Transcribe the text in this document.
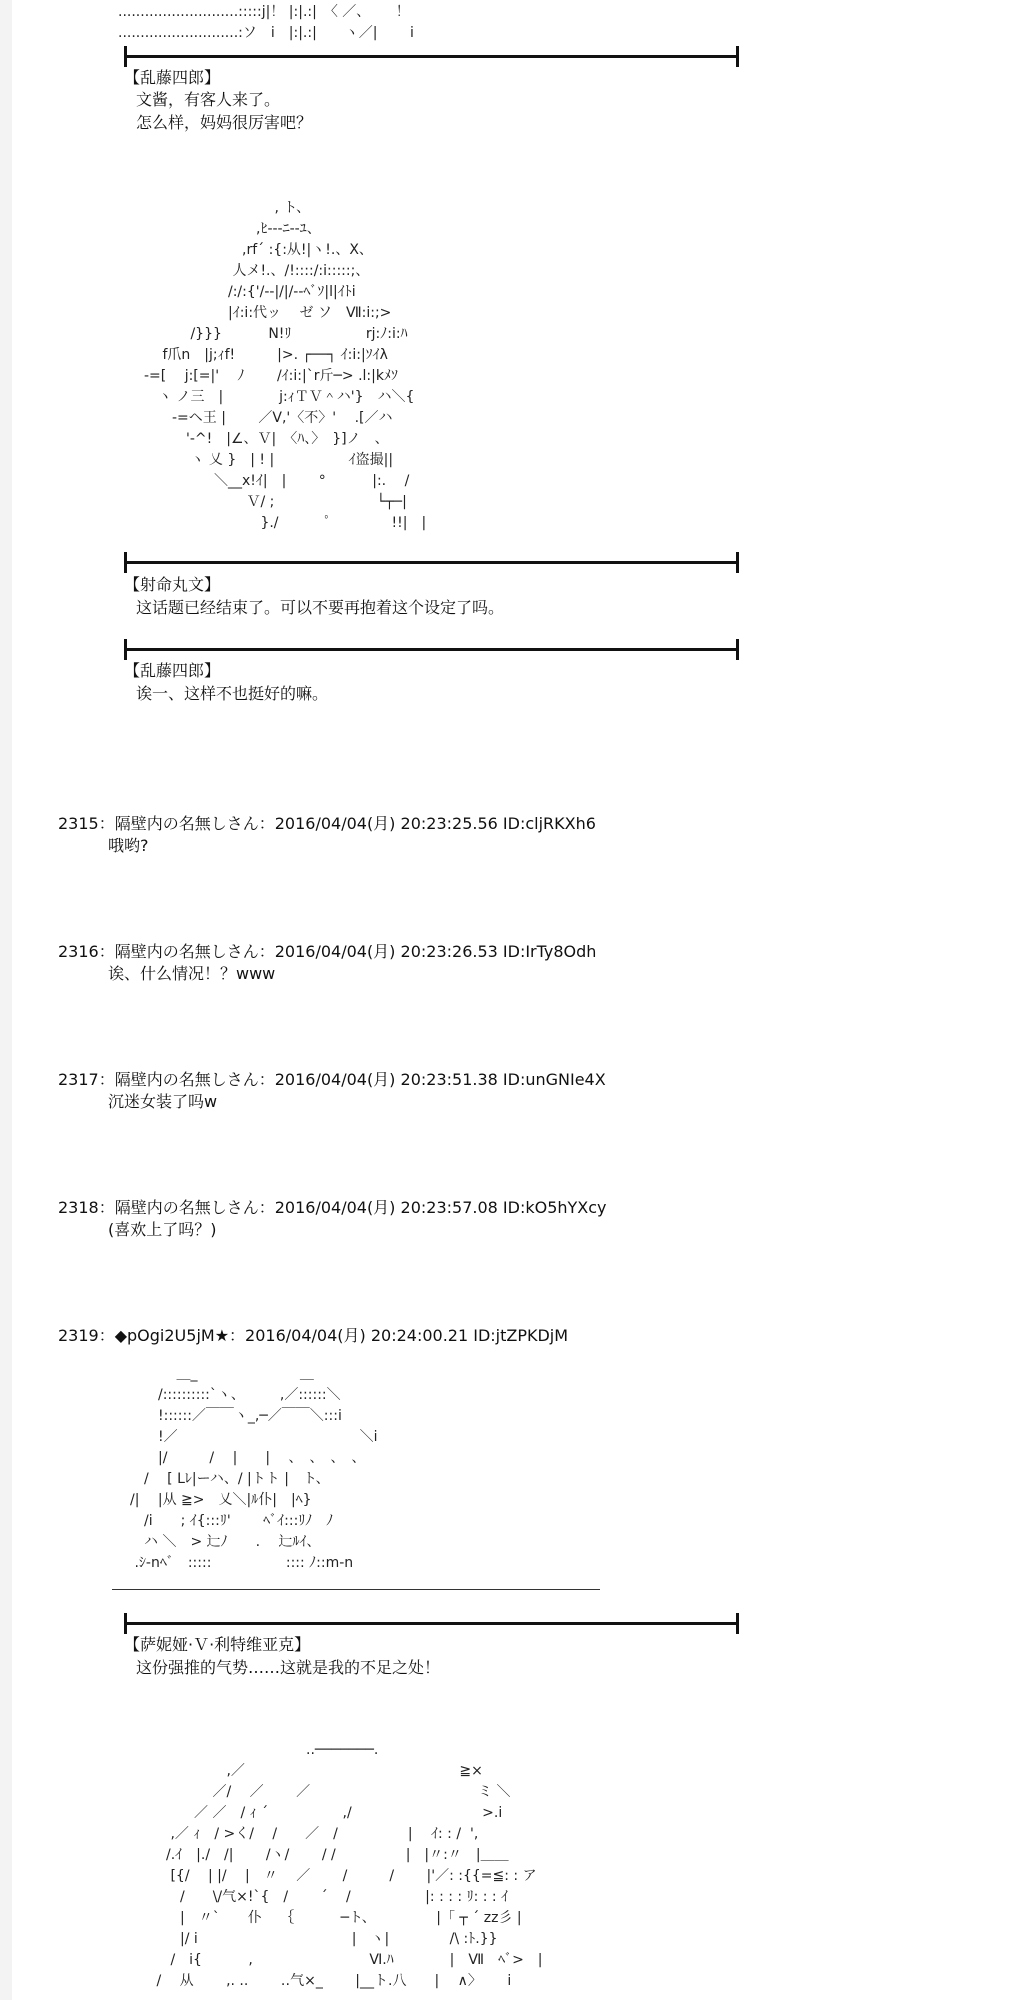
...........................:::::j|！ |:|.:|　〈 ／、　　 ！
...........................:ソ　i　|:|.:|　　ヽ／|　　 i
【乱藤四郎】
文酱，有客人来了。
怎么样，妈妈很厉害吧？
　　　　　　　　　　　 , ト、
　　　　　　　　　　,ﾋ--‐ﾆ--ﾕ、
　　　　　　　　　,rf´ :{:从!|ヽ!.、X、
　　　　　　　　 人メ!.、/!::::/:i:::::;、
　　　　　　　　/:/:{'/--|/|/--ﾍﾞｿ|l|ｲﾄi
　　　　　　　　|ｲ:i:代ッ　 ゼ ソ　Ⅶ:i:;>
　　　　　 /}}}　　 　N!ﾘ　　　　　 rj:ﾉ:i:ﾊ
　　　 f爪n　|j;ｨf!　　　|>. ┌──┐ ｲ:i:|ｿｲλ
　　-=[　 j:[=|'　 ﾉ　　 /ｲ:i:|`r斤─> .l:|kﾒｿ
　　　ヽ ノ三　|　　　　j:ｨＴＶ＾ハ'}　ハ＼{
　　　　-=ヘ王 |　　 ／V,'〈不〉' 　.[／ハ
　　　　　'-^!　|∠、Ｖ|　〈ﾊ、〉　}]ノ　、
　　　　　 ヽ 乂 }　| ! |　　　　　 ｲ盗撮||
　　　　　　　＼__x!ｲ|　|　　 °　　　 |:.　 /
　　　　　　　　　 Ｖ/ ;　　　　　　　 └┬─|
　　　　　　　　　　 }./　　　 ﾟ　　　　 !!|　|
【射命丸文】
这话题已经结束了。可以不要再抱着这个设定了吗。
【乱藤四郎】
诶一、这样不也挺好的嘛。
2315：隔壁内の名無しさん：2016/04/04(月) 20:23:25.56 ID:cljRKXh6
哦哟?
2316：隔壁内の名無しさん：2016/04/04(月) 20:23:26.53 ID:IrTy8Odh
诶、什么情况！？www
2317：隔壁内の名無しさん：2016/04/04(月) 20:23:51.38 ID:unGNIe4X
沉迷女装了吗w
2318：隔壁内の名無しさん：2016/04/04(月) 20:23:57.08 ID:kO5hYXcy
(喜欢上了吗？)
2319：◆pOgi2U5jM★：2016/04/04(月) 20:24:00.21 ID:jtZPKDjM
　　　　 ＿_　　　　　　　 ＿
　　　/::::::::::`ヽ、　　　,／::::::＼
　　　!::::::／￣￣ヽ_,─／￣￣＼:::i
　　　!／　　　　　　　　　　　　　＼i
　　　|/　　　/　 |　　|　 、　、　、　、
　　/　 [ Lﾚ|ーハ、/ |トト |　ト、
　/|　 |从 ≧>　乂＼|ﾙ仆|　|ﾍ}
　　/i　　; ｲ{:::ﾘ'　　 ﾍﾞｲ:::ﾘﾉ　ﾉ
　　ハ ＼　> 辷ﾉ　　.　 辷ﾙｲ、
　 .ｼ-nﾍﾞ　:::::　　　　　 :::: ﾉ::m-n
【萨妮娅·Ｖ·利特维亚克】
这份强推的气势……这就是我的不足之处！
　　　　　　　　　　　　　..───────.
　　　　　　　 ,／　　　　　　　　　　　　　　　 ≧×
　　　　　　 ／/　 ／　　 ／　　　　　　　　　　　　ミ ＼
　　　　　／ ／　/ ｨ ´　　　　　 ,/　　　　　　　　　 >.i
　　　 ,／ ｨ　/ >く/　 /　　／　/　　　　　|　 ｲ: : /  ',
　　　/.ｲ　|./　/|　　 /ヽ/　　 / /　　　　　|　|〃:〃　|＿＿
　　　 [{/　 | |/　 |　〃　 ／　　 /　　　/　　 |'／: :{{=≦: : ア
　　　　/　　\/气×!`{　/　　 ´　 /　　　　　 |: : : : ﾘ: : : ｲ
　　　　|　〃`　　仆　 ｛　　　 ─ト、 　　　　|「 ┬ ´ zz彡 |
　　　　|/ i　　　　　　　　　　　|　ヽ|　　　　 /\ :ﾄ.}}
　　　 /　i{　　　 ,　　　　　　　　 Ⅵ.ﾊ　　　　|　Ⅶ　ﾍﾞ>　|
　　 /　 从　　 ,. ..　　 ‥气×_　　 |__ト.八　　|　 ∧〉　 　i
